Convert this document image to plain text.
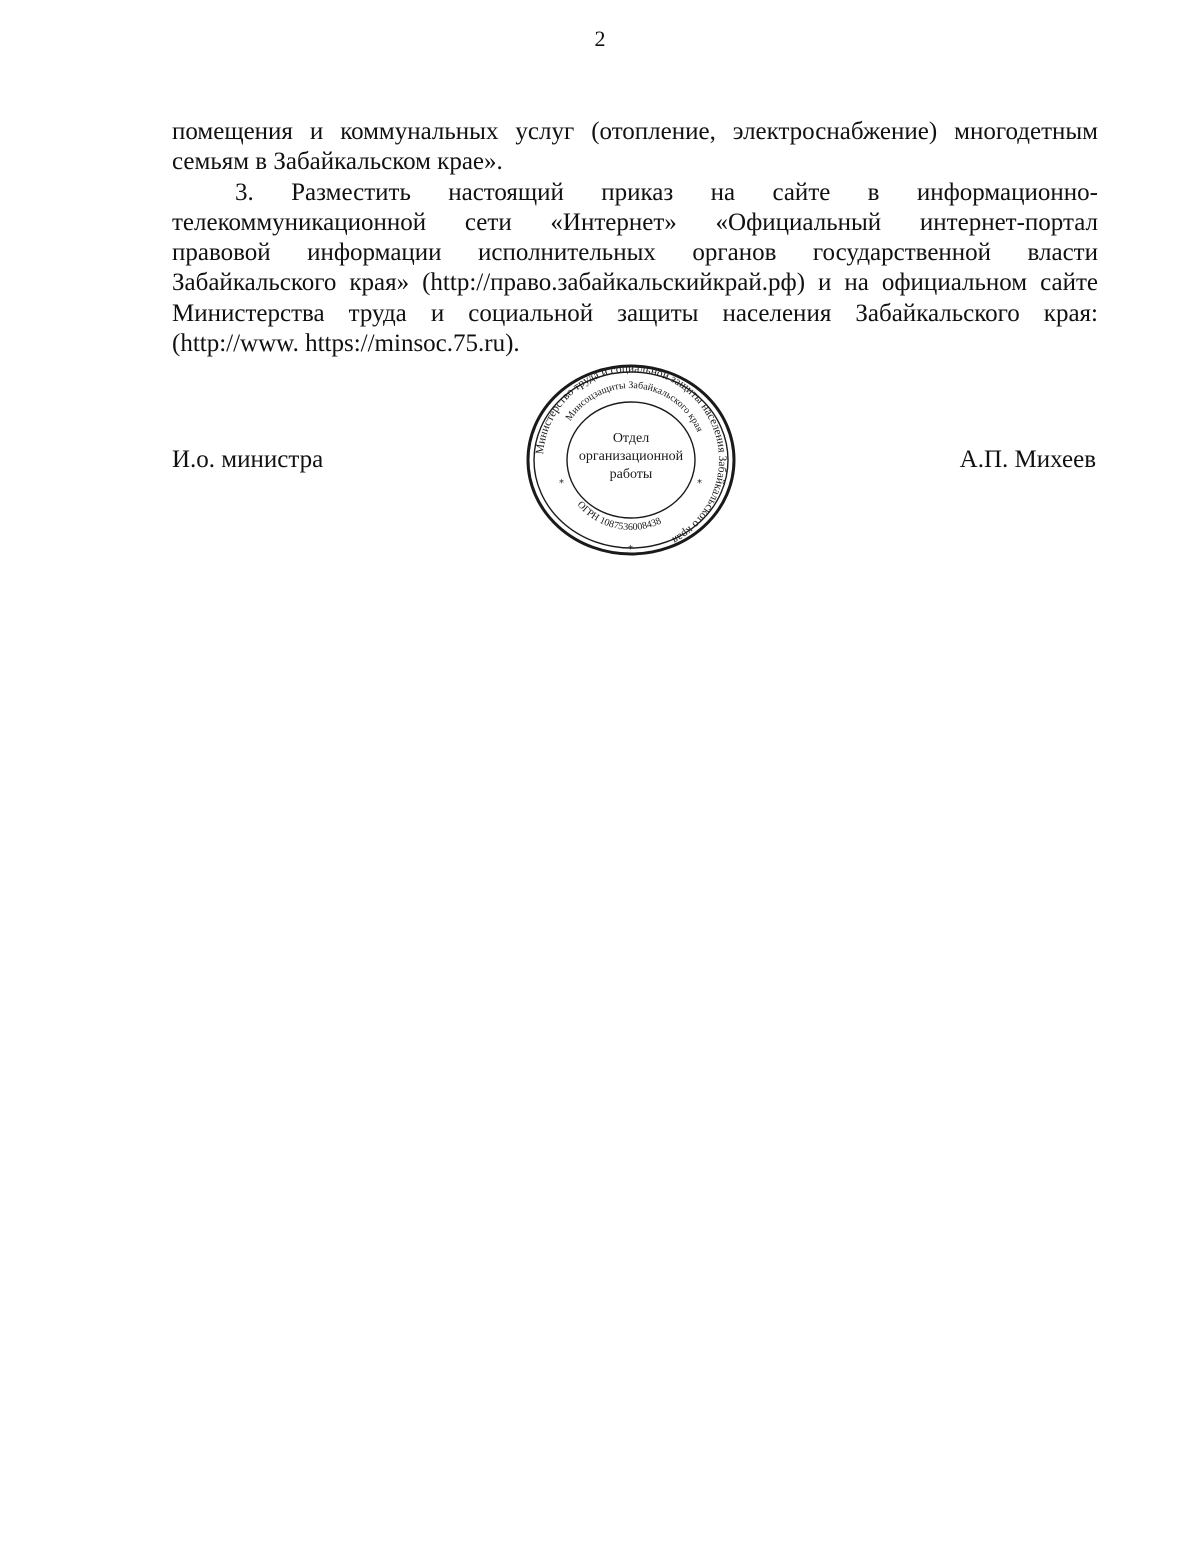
2
помещения и коммунальных услуг (отопление, электроснабжение) многодетным
семьям в Забайкальском крае».
3. Разместить настоящий приказ на сайте в информационно-
телекоммуникационной сети «Интернет» «Официальный интернет-портал
правовой информации исполнительных органов государственной власти
Забайкальского края» (http://право.забайкальскийкрай.рф) и на официальном сайте
Министерства труда и социальной защиты населения Забайкальского края:
(http://www. https://minsoc.75.ru).
И.о. министра	А.П. Михеев
Министерство труда и социальной защиты населения Забайкальского края
Минсоцзащиты Забайкальского края
ОГРН 1087536008438
Отдел
организационной
работы
*	*
*
